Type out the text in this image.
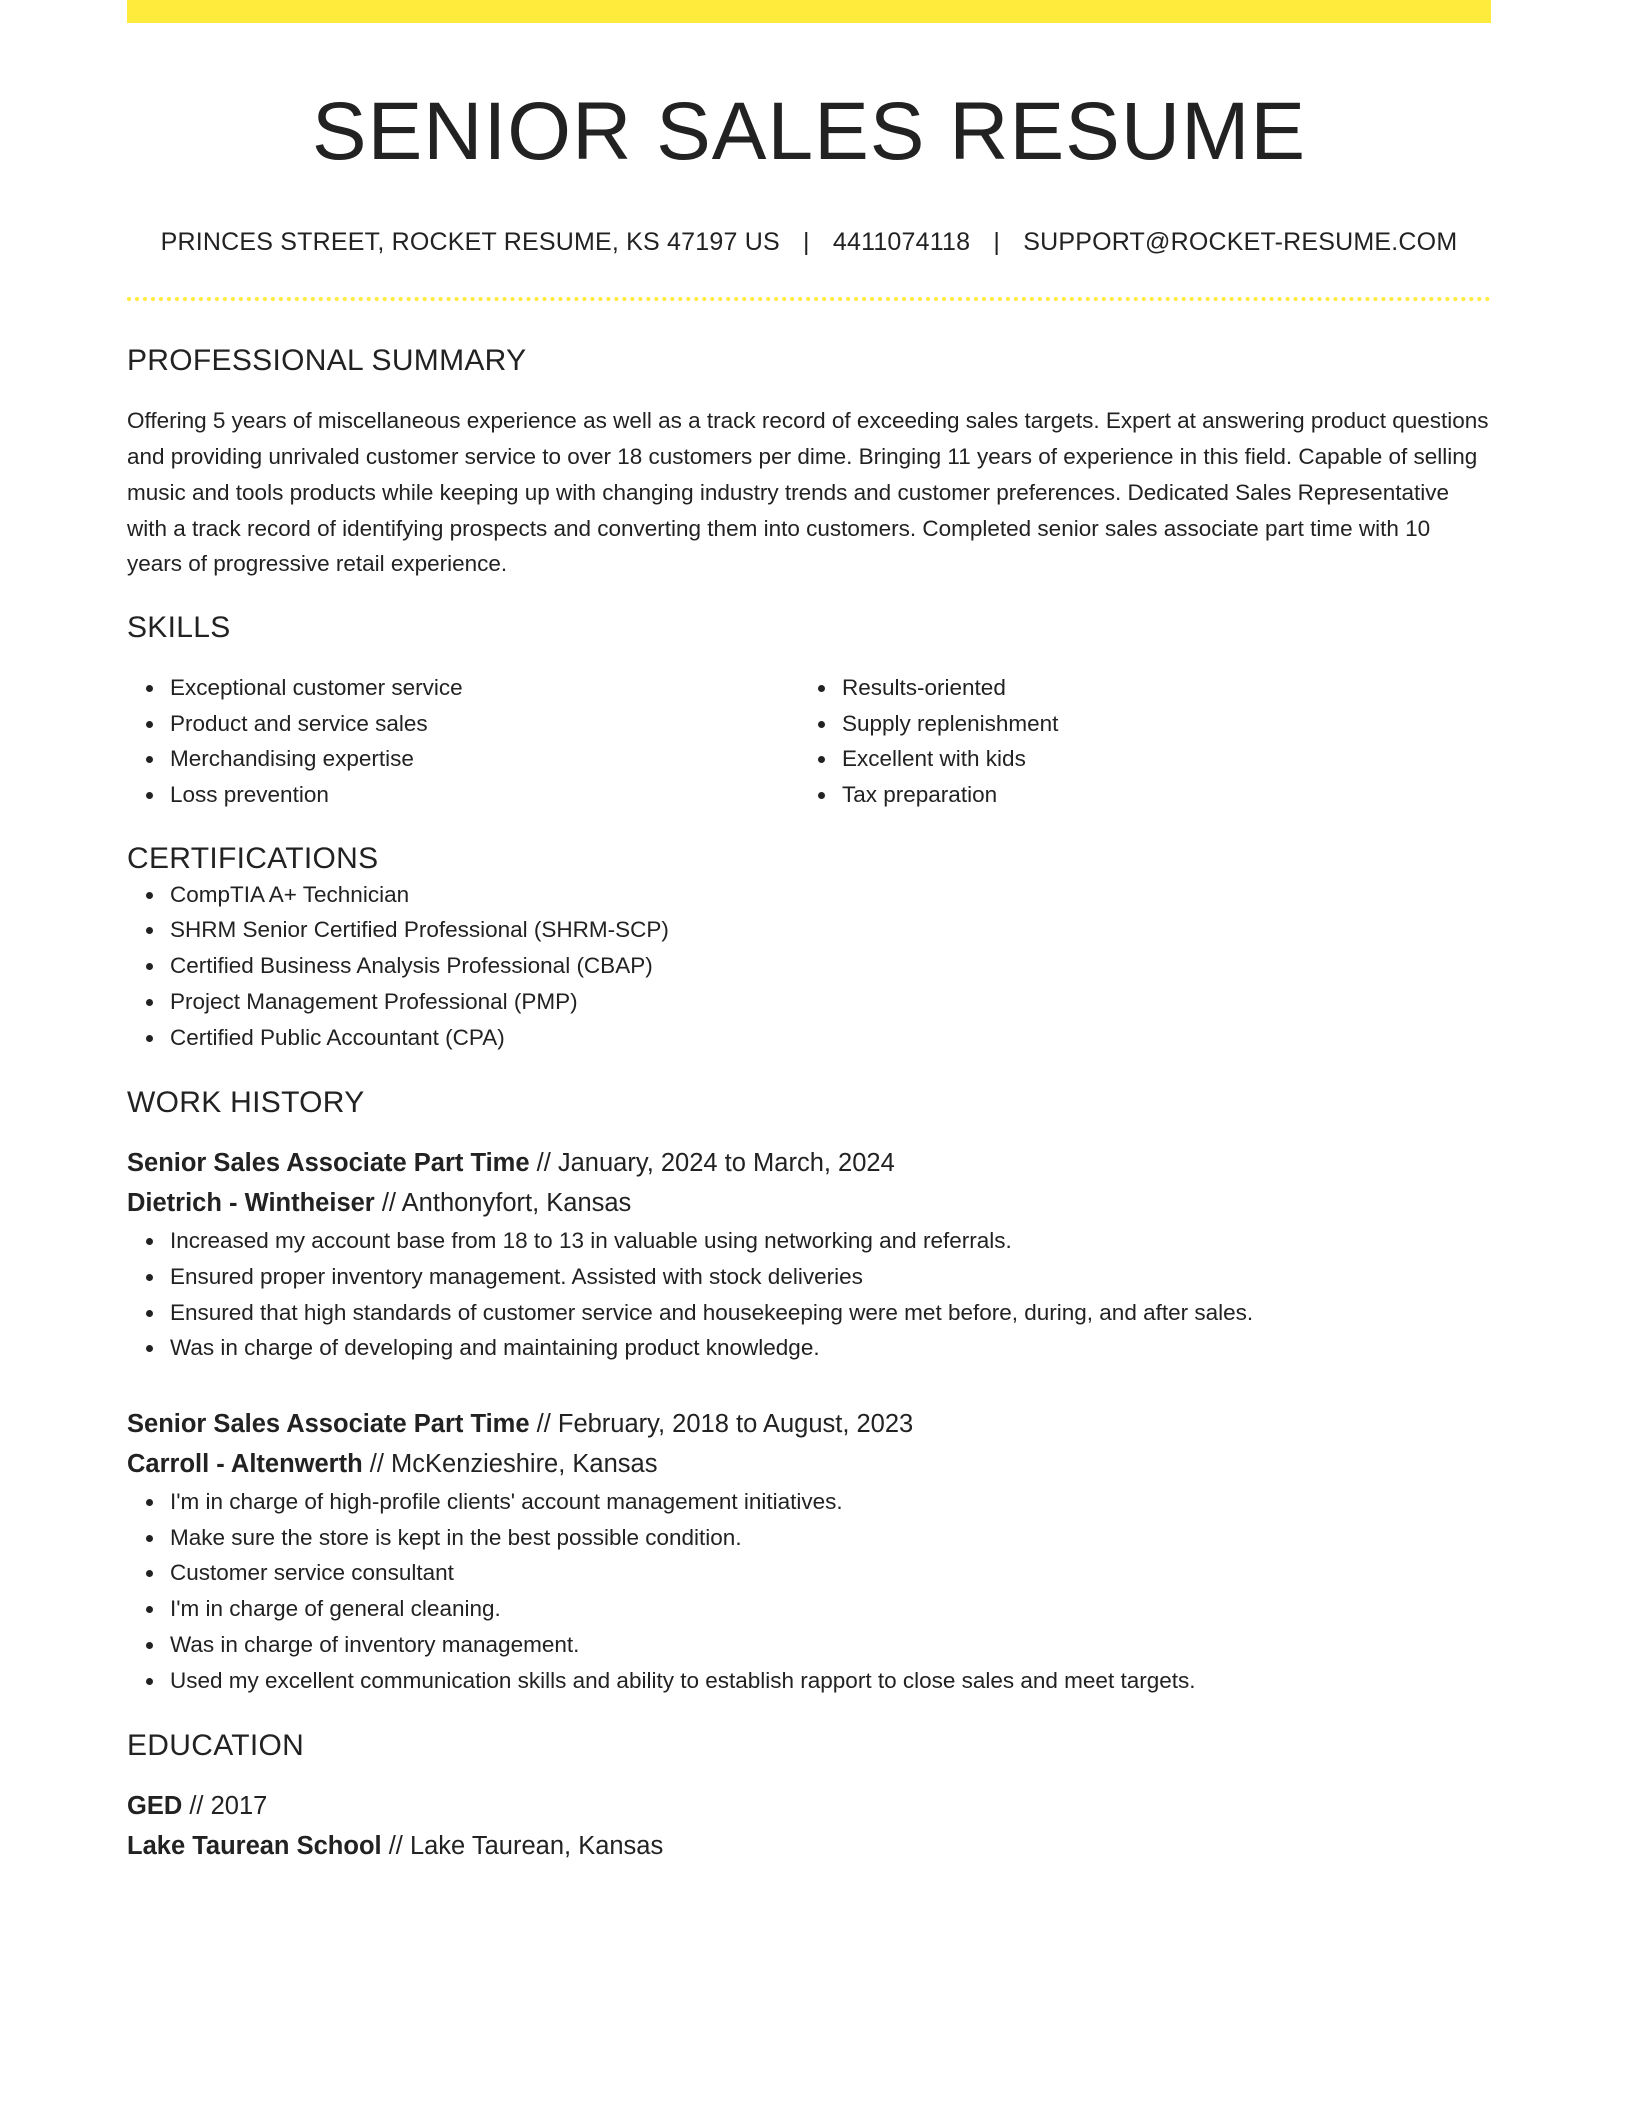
SENIOR SALES RESUME
PRINCES STREET, ROCKET RESUME, KS 47197 US | 4411074118 | SUPPORT@ROCKET-RESUME.COM
PROFESSIONAL SUMMARY

Offering 5 years of miscellaneous experience as well as a track record of exceeding sales targets. Expert at answering product questions and providing unrivaled customer service to over 18 customers per dime. Bringing 11 years of experience in this field. Capable of selling music and tools products while keeping up with changing industry trends and customer preferences. Dedicated Sales Representative with a track record of identifying prospects and converting them into customers. Completed senior sales associate part time with 10 years of progressive retail experience.

SKILLS
Exceptional customer service
Product and service sales
Merchandising expertise
Loss prevention
Results-oriented
Supply replenishment
Excellent with kids
Tax preparation
CERTIFICATIONS
CompTIA A+ Technician
SHRM Senior Certified Professional (SHRM-SCP)
Certified Business Analysis Professional (CBAP)
Project Management Professional (PMP)
Certified Public Accountant (CPA)
WORK HISTORY
Senior Sales Associate Part Time // January, 2024 to March, 2024
Dietrich - Wintheiser // Anthonyfort, Kansas
Increased my account base from 18 to 13 in valuable using networking and referrals.
Ensured proper inventory management. Assisted with stock deliveries
Ensured that high standards of customer service and housekeeping were met before, during, and after sales.
Was in charge of developing and maintaining product knowledge.
Senior Sales Associate Part Time // February, 2018 to August, 2023
Carroll - Altenwerth // McKenzieshire, Kansas
I'm in charge of high-profile clients' account management initiatives.
Make sure the store is kept in the best possible condition.
Customer service consultant
I'm in charge of general cleaning.
Was in charge of inventory management.
Used my excellent communication skills and ability to establish rapport to close sales and meet targets.
EDUCATION
GED // 2017
Lake Taurean School // Lake Taurean, Kansas
